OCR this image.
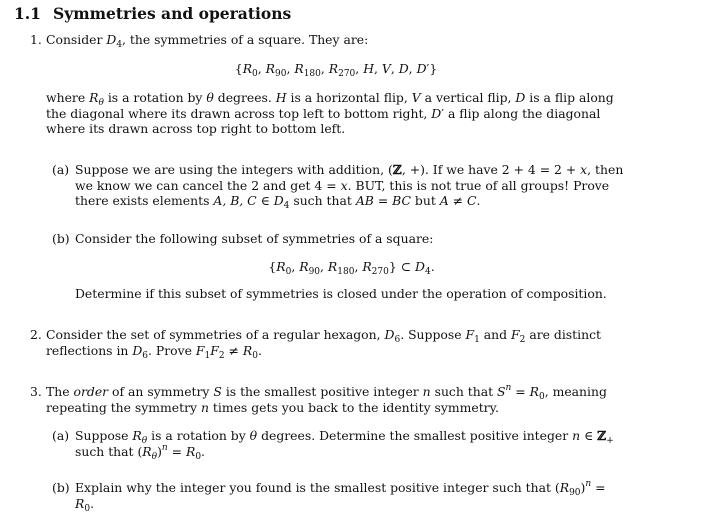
1.1 Symmetries and operations
1. Consider $D_4$, the symmetries of a square. They are:
{$R_0$, $R_{90}$, $R_{180}$, $R_{270}$, H, V, D, D′}
where $R_\theta$ is a rotation by θ degrees. H is a horizontal flip, V a vertical flip, D is a flip along the diagonal where its drawn across top left to bottom right, D′ a flip along the diagonal where its drawn across top right to bottom left.
(a) Suppose we are using the integers with addition, (ℤ, +). If we have 2 + 4 = 2 + x, then we know we can cancel the 2 and get 4 = x. BUT, this is not true of all groups! Prove there exists elements A, B, C ∈ $D_4$ such that AB = BC but A ≠ C.
(b) Consider the following subset of symmetries of a square:
{$R_0$, $R_{90}$, $R_{180}$, $R_{270}$} ⊂ $D_4$.
Determine if this subset of symmetries is closed under the operation of composition.
2. Consider the set of symmetries of a regular hexagon, $D_6$. Suppose $F_1$ and $F_2$ are distinct reflections in $D_6$. Prove $F_1F_2 \ne R_0$.
3. The order of an symmetry S is the smallest positive integer n such that $S^n = R_0$, meaning repeating the symmetry n times gets you back to the identity symmetry.
(a) Suppose $R_\theta$ is a rotation by θ degrees. Determine the smallest positive integer n ∈ ℤ$_+$ such that $(R_\theta)^n = R_0$.
(b) Explain why the integer you found is the smallest positive integer such that $(R_{90})^n = R_0$.
